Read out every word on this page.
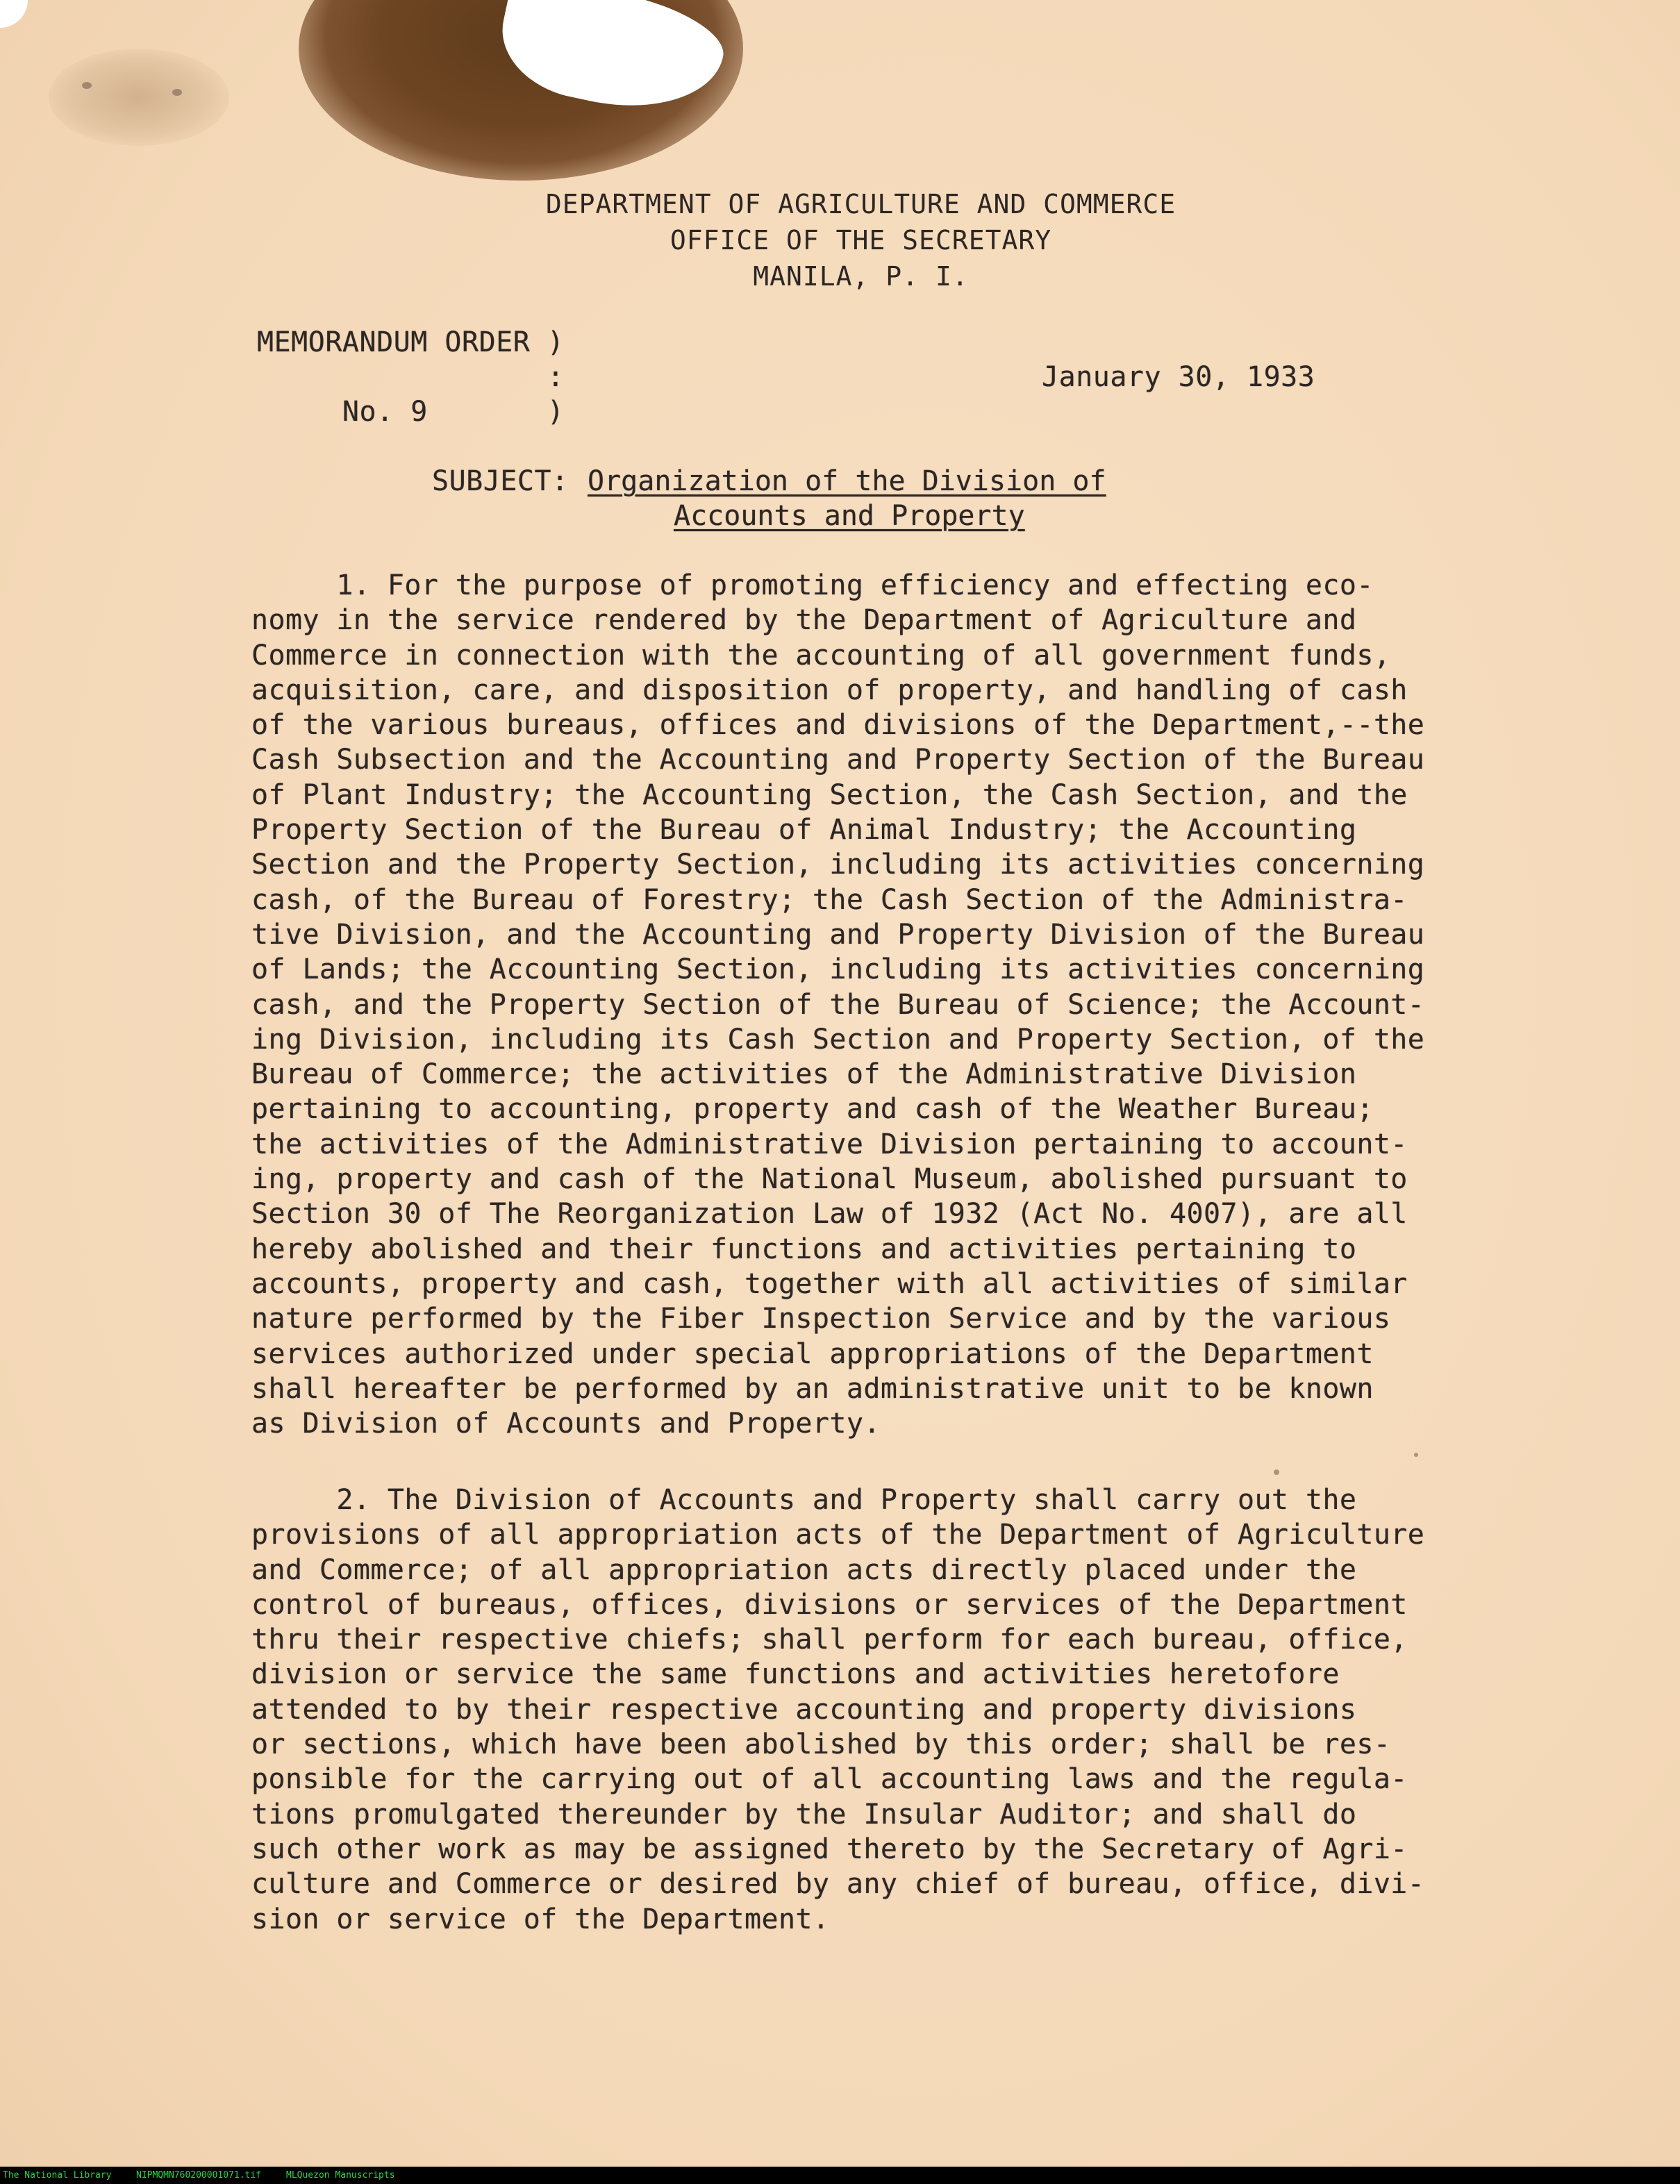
DEPARTMENT OF AGRICULTURE AND COMMERCE
OFFICE OF THE SECRETARY
MANILA, P. I.
MEMORANDUM ORDER )
:
No. 9       )
January 30, 1933
SUBJECT: Organization of the Division of
Accounts and Property
1. For the purpose of promoting efficiency and effecting eco-
nomy in the service rendered by the Department of Agriculture and
Commerce in connection with the accounting of all government funds,
acquisition, care, and disposition of property, and handling of cash
of the various bureaus, offices and divisions of the Department,--the
Cash Subsection and the Accounting and Property Section of the Bureau
of Plant Industry; the Accounting Section, the Cash Section, and the
Property Section of the Bureau of Animal Industry; the Accounting
Section and the Property Section, including its activities concerning
cash, of the Bureau of Forestry; the Cash Section of the Administra-
tive Division, and the Accounting and Property Division of the Bureau
of Lands; the Accounting Section, including its activities concerning
cash, and the Property Section of the Bureau of Science; the Account-
ing Division, including its Cash Section and Property Section, of the
Bureau of Commerce; the activities of the Administrative Division
pertaining to accounting, property and cash of the Weather Bureau;
the activities of the Administrative Division pertaining to account-
ing, property and cash of the National Museum, abolished pursuant to
Section 30 of The Reorganization Law of 1932 (Act No. 4007), are all
hereby abolished and their functions and activities pertaining to
accounts, property and cash, together with all activities of similar
nature performed by the Fiber Inspection Service and by the various
services authorized under special appropriations of the Department
shall hereafter be performed by an administrative unit to be known
as Division of Accounts and Property.
2. The Division of Accounts and Property shall carry out the
provisions of all appropriation acts of the Department of Agriculture
and Commerce; of all appropriation acts directly placed under the
control of bureaus, offices, divisions or services of the Department
thru their respective chiefs; shall perform for each bureau, office,
division or service the same functions and activities heretofore
attended to by their respective accounting and property divisions
or sections, which have been abolished by this order; shall be res-
ponsible for the carrying out of all accounting laws and the regula-
tions promulgated thereunder by the Insular Auditor; and shall do
such other work as may be assigned thereto by the Secretary of Agri-
culture and Commerce or desired by any chief of bureau, office, divi-
sion or service of the Department.
The National Library	NIPMQMN760200001071.tif	MLQuezon Manuscripts
